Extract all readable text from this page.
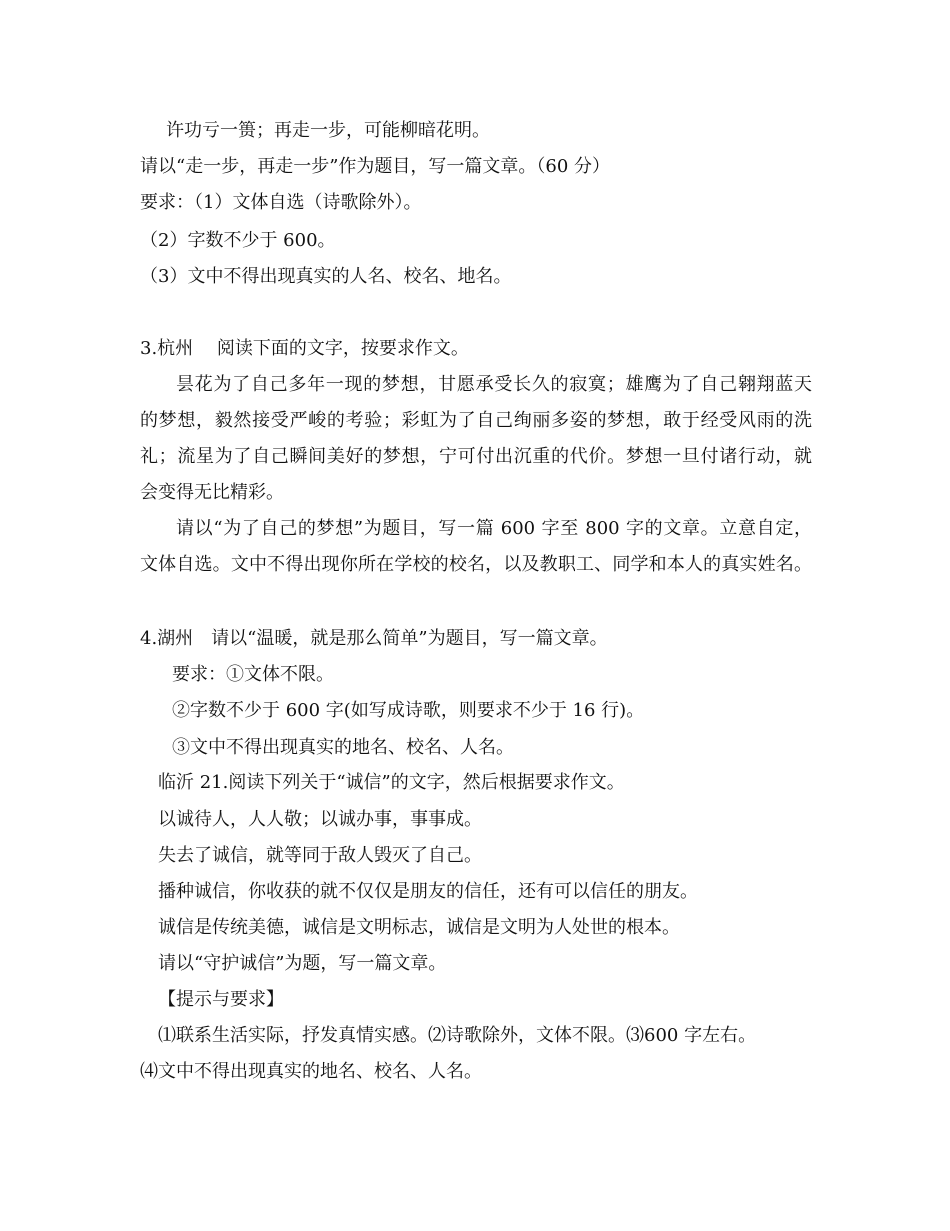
许功亏一篑；再走一步，可能柳暗花明。
请以“走一步，再走一步”作为题目，写一篇文章。（60 分）
要求：（1）文体自选（诗歌除外）。
（2）字数不少于 600。
（3）文中不得出现真实的人名、校名、地名。
3.杭州　 阅读下面的文字，按要求作文。
昙花为了自己多年一现的梦想，甘愿承受长久的寂寞；雄鹰为了自己翱翔蓝天
的梦想，毅然接受严峻的考验；彩虹为了自己绚丽多姿的梦想，敢于经受风雨的洗
礼；流星为了自己瞬间美好的梦想，宁可付出沉重的代价。梦想一旦付诸行动，就
会变得无比精彩。
请以“为了自己的梦想”为题目，写一篇 600 字至 800 字的文章。立意自定，
文体自选。文中不得出现你所在学校的校名，以及教职工、同学和本人的真实姓名。
4.湖州　请以“温暖，就是那么简单”为题目，写一篇文章。
要求：①文体不限。
②字数不少于 600 字(如写成诗歌，则要求不少于 16 行)。
③文中不得出现真实的地名、校名、人名。
临沂 21.阅读下列关于“诚信”的文字，然后根据要求作文。
以诚待人，人人敬；以诚办事，事事成。
失去了诚信，就等同于敌人毁灭了自己。
播种诚信，你收获的就不仅仅是朋友的信任，还有可以信任的朋友。
诚信是传统美德，诚信是文明标志，诚信是文明为人处世的根本。
请以“守护诚信”为题，写一篇文章。
【提示与要求】
⑴联系生活实际，抒发真情实感。⑵诗歌除外，文体不限。⑶600 字左右。
⑷文中不得出现真实的地名、校名、人名。
